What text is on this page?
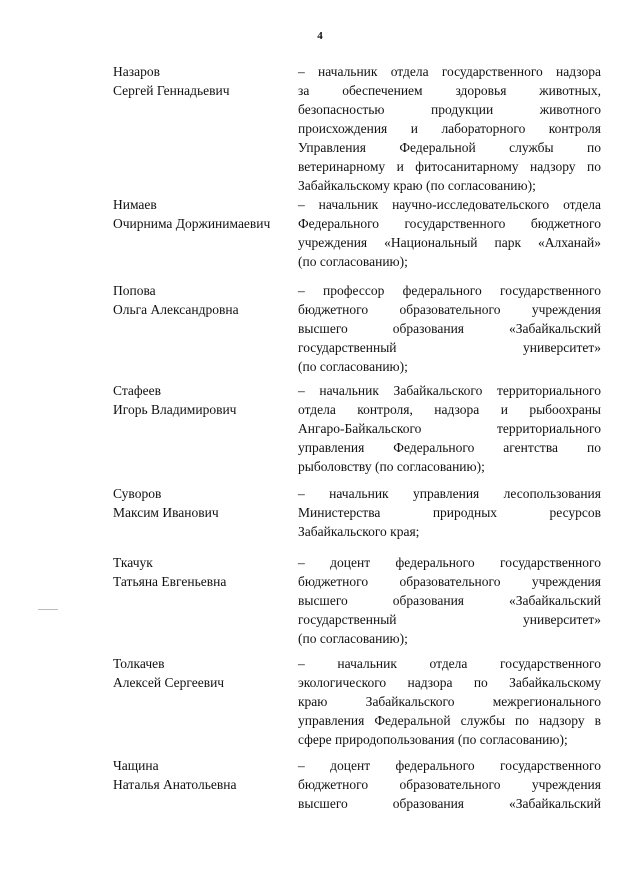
4
Назаров
Сергей Геннадьевич
– начальник отдела государственного надзора
за обеспечением здоровья животных,
безопасностью продукции животного
происхождения и лабораторного контроля
Управления Федеральной службы по
ветеринарному и фитосанитарному надзору по
Забайкальскому краю (по согласованию);
Нимаев
Очирнима Доржинимаевич
– начальник научно-исследовательского отдела
Федерального государственного бюджетного
учреждения «Национальный парк «Алханай»
(по согласованию);
Попова
Ольга Александровна
– профессор федерального государственного
бюджетного образовательного учреждения
высшего образования «Забайкальский
государственный университет»
(по согласованию);
Стафеев
Игорь Владимирович
– начальник Забайкальского территориального
отдела контроля, надзора и рыбоохраны
Ангаро-Байкальского территориального
управления Федерального агентства по
рыболовству (по согласованию);
Суворов
Максим Иванович
– начальник управления лесопользования
Министерства природных ресурсов
Забайкальского края;
Ткачук
Татьяна Евгеньевна
– доцент федерального государственного
бюджетного образовательного учреждения
высшего образования «Забайкальский
государственный университет»
(по согласованию);
Толкачев
Алексей Сергеевич
– начальник отдела государственного
экологического надзора по Забайкальскому
краю Забайкальского межрегионального
управления Федеральной службы по надзору в
сфере природопользования (по согласованию);
Чащина
Наталья Анатольевна
– доцент федерального государственного
бюджетного образовательного учреждения
высшего образования «Забайкальский
